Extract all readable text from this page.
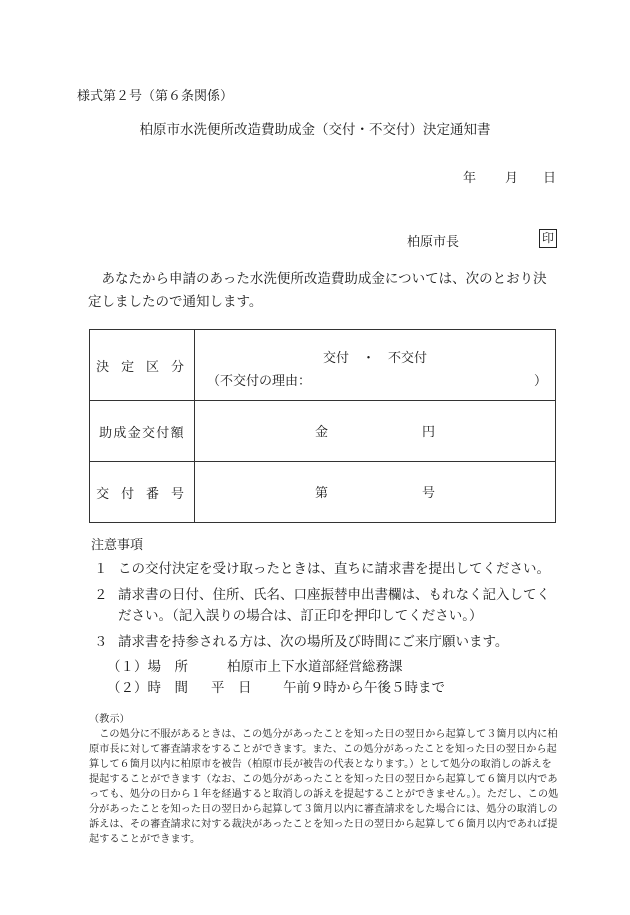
様式第２号（第６条関係）
柏原市水洗便所改造費助成金（交付・不交付）決定通知書
年 月 日
柏原市長	印
あなたから申請のあった水洗便所改造費助成金については、次のとおり決定しましたので通知します。
決 定 区 分	交付　・　不交付
（不交付の理由： ）

助成金交付額	金 円

交 付 番 号	第 号
注意事項
１ この交付決定を受け取ったときは、直ちに請求書を提出してください。
２ 請求書の日付、住所、氏名、口座振替申出書欄は、もれなく記入してください。（記入誤りの場合は、訂正印を押印してください。）
３ 請求書を持参される方は、次の場所及び時間にご来庁願います。
（１）場　所	柏原市上下水道部経営総務課
（２）時　間 平　日 午前９時から午後５時まで
（教示）
この処分に不服があるときは、この処分があったことを知った日の翌日から起算して３箇月以内に柏原市長に対して審査請求をすることができます。また、この処分があったことを知った日の翌日から起算して６箇月以内に柏原市を被告（柏原市長が被告の代表となります。）として処分の取消しの訴えを提起することができます（なお、この処分があったことを知った日の翌日から起算して６箇月以内であっても、処分の日から１年を経過すると取消しの訴えを提起することができません。）。ただし、この処分があったことを知った日の翌日から起算して３箇月以内に審査請求をした場合には、処分の取消しの訴えは、その審査請求に対する裁決があったことを知った日の翌日から起算して６箇月以内であれば提起することができます。
